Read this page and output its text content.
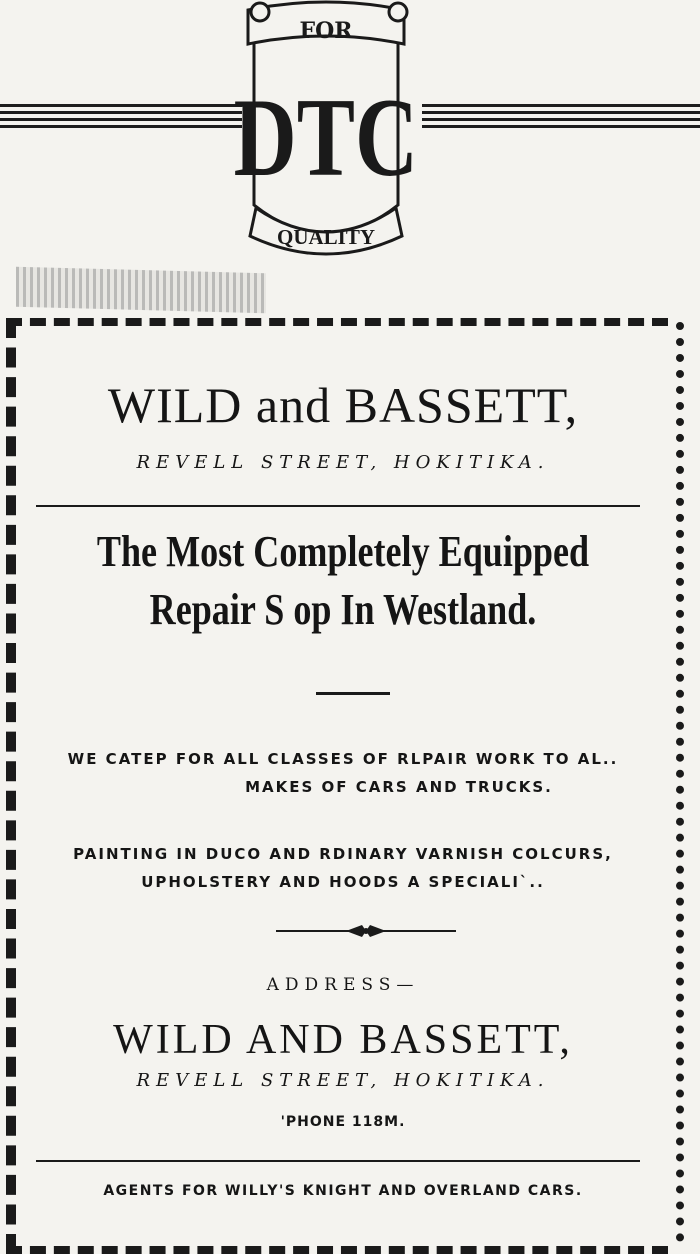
FOR
DTC
QUALITY
WILD and BASSETT,
REVELL STREET, HOKITIKA.
The Most Completely Equipped
Repair S op In Westland.
WE CATEP FOR ALL CLASSES OF RLPAIR WORK TO AL..
MAKES OF CARS AND TRUCKS.
PAINTING IN DUCO AND RDINARY VARNISH COLCURS,
UPHOLSTERY AND HOODS A SPECIALI`..
ADDRESS—
WILD AND BASSETT,
REVELL STREET, HOKITIKA.
'PHONE 118M.
AGENTS FOR WILLY'S KNIGHT AND OVERLAND CARS.
